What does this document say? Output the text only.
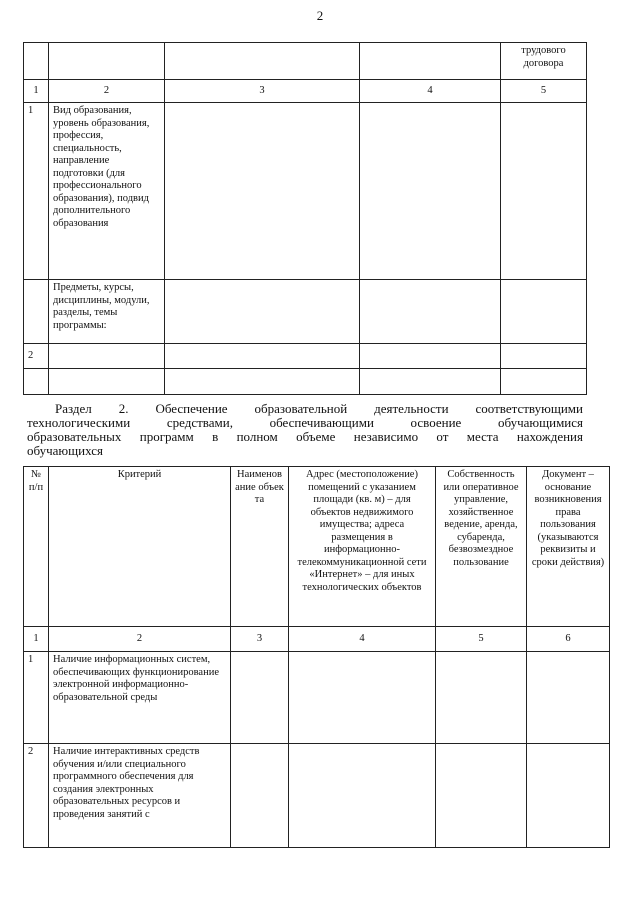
2
				трудового договора
1	2	3	4	5
1	Вид образования, уровень образования, профессия, специальность, направление подготовки (для профессионального образования), подвид дополнительного образования			
	Предметы, курсы, дисциплины, модули, разделы, темы программы:			
2				

Раздел 2. Обеспечение образовательной деятельности соответствующими
технологическими средствами, обеспечивающими освоение обучающимися
образовательных программ в полном объеме независимо от места нахождения
обучающихся
№ п/п	Критерий	Наименование объекта	Адрес (местоположение) помещений с указанием площади (кв. м) – для объектов недвижимого имущества; адреса размещения в информационно-телекоммуникационной сети «Интернет» – для иных технологических объектов	Собственность или оперативное управление, хозяйственное ведение, аренда, субаренда, безвозмездное пользование	Документ – основание возникновения права пользования (указываются реквизиты и сроки действия)
1	2	3	4	5	6
1	Наличие информационных систем, обеспечивающих функционирование электронной информационно-образовательной среды				
2	Наличие интерактивных средств обучения и/или специального программного обеспечения для создания электронных образовательных ресурсов и проведения занятий с				
